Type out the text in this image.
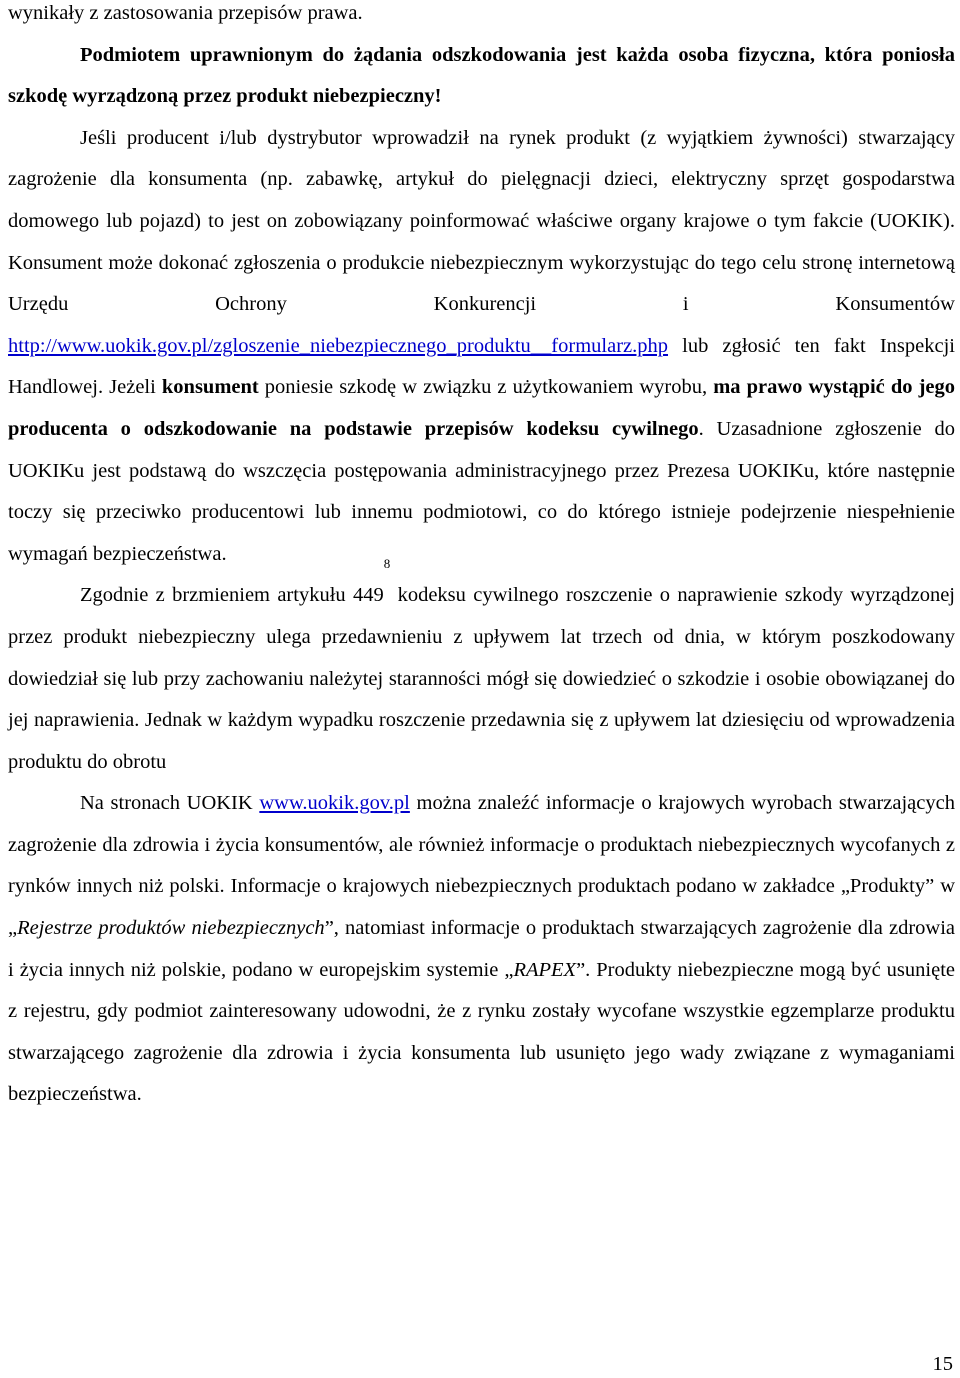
wynikały z zastosowania przepisów prawa.

Podmiotem uprawnionym do żądania odszkodowania jest każda osoba fizyczna, która poniosła szkodę wyrządzoną przez produkt niebezpieczny!

Jeśli producent i/lub dystrybutor wprowadził na rynek produkt (z wyjątkiem żywności) stwarzający zagrożenie dla konsumenta (np. zabawkę, artykuł do pielęgnacji dzieci, elektryczny sprzęt gospodarstwa domowego lub pojazd) to jest on zobowiązany poinformować właściwe organy krajowe o tym fakcie (UOKIK). Konsument może dokonać zgłoszenia o produkcie niebezpiecznym wykorzystując do tego celu stronę internetową Urzędu Ochrony Konkurencji i Konsumentów http://www.uokik.gov.pl/zgloszenie_niebezpiecznego_produktu__formularz.php lub zgłosić ten fakt Inspekcji Handlowej. Jeżeli konsument poniesie szkodę w związku z użytkowaniem wyrobu, ma prawo wystąpić do jego producenta o odszkodowanie na podstawie przepisów kodeksu cywilnego. Uzasadnione zgłoszenie do UOKIKu jest podstawą do wszczęcia postępowania administracyjnego przez Prezesa UOKIKu, które następnie toczy się przeciwko producentowi lub innemu podmiotowi, co do którego istnieje podejrzenie niespełnienie wymagań bezpieczeństwa.

Zgodnie z brzmieniem artykułu $449^8$ kodeksu cywilnego roszczenie o naprawienie szkody wyrządzonej przez produkt niebezpieczny ulega przedawnieniu z upływem lat trzech od dnia, w którym poszkodowany dowiedział się lub przy zachowaniu należytej staranności mógł się dowiedzieć o szkodzie i osobie obowiązanej do jej naprawienia. Jednak w każdym wypadku roszczenie przedawnia się z upływem lat dziesięciu od wprowadzenia produktu do obrotu

Na stronach UOKIK www.uokik.gov.pl można znaleźć informacje o krajowych wyrobach stwarzających zagrożenie dla zdrowia i życia konsumentów, ale również informacje o produktach niebezpiecznych wycofanych z rynków innych niż polski. Informacje o krajowych niebezpiecznych produktach podano w zakładce „Produkty” w „Rejestrze produktów niebezpiecznych”, natomiast informacje o produktach stwarzających zagrożenie dla zdrowia i życia innych niż polskie, podano w europejskim systemie „RAPEX”. Produkty niebezpieczne mogą być usunięte z rejestru, gdy podmiot zainteresowany udowodni, że z rynku zostały wycofane wszystkie egzemplarze produktu stwarzającego zagrożenie dla zdrowia i życia konsumenta lub usunięto jego wady związane z wymaganiami bezpieczeństwa.

15
